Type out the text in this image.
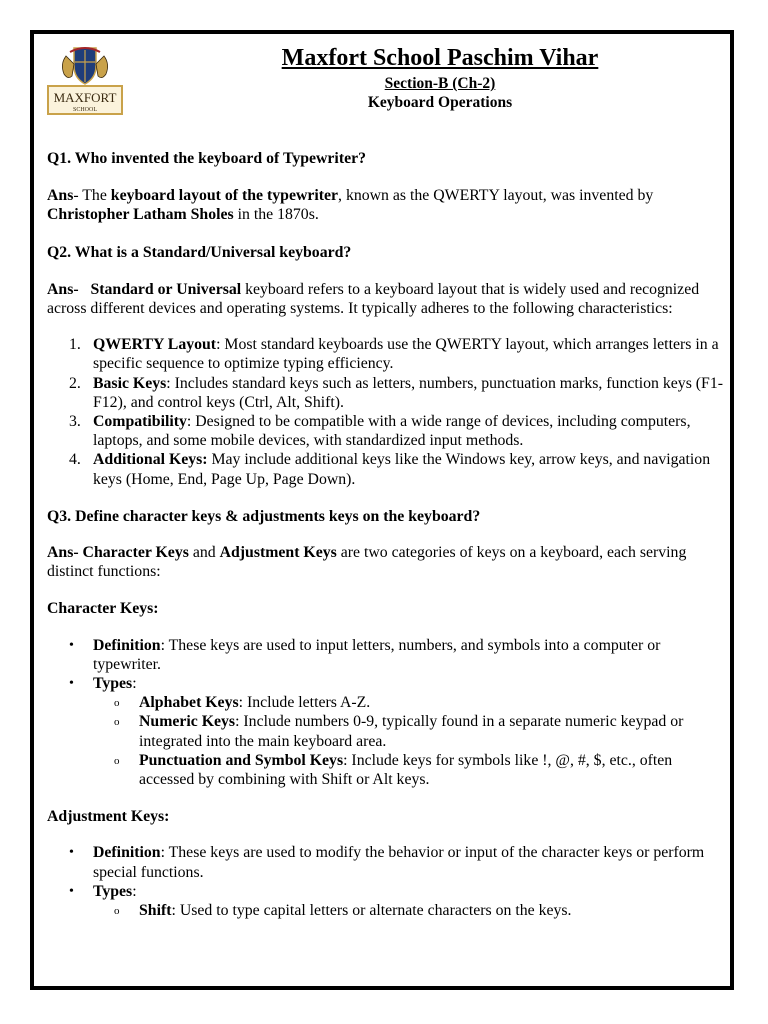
MAXFORT
SCHOOL
Maxfort School Paschim Vihar
Section-B (Ch-2)
Keyboard Operations

Q1. Who invented the keyboard of Typewriter?

Ans- The keyboard layout of the typewriter, known as the QWERTY layout, was invented by Christopher Latham Sholes in the 1870s.

Q2. What is a Standard/Universal keyboard?

Ans- Standard or Universal keyboard refers to a keyboard layout that is widely used and recognized across different devices and operating systems. It typically adheres to the following characteristics:

1. QWERTY Layout: Most standard keyboards use the QWERTY layout, which arranges letters in a specific sequence to optimize typing efficiency.
2. Basic Keys: Includes standard keys such as letters, numbers, punctuation marks, function keys (F1-F12), and control keys (Ctrl, Alt, Shift).
3. Compatibility: Designed to be compatible with a wide range of devices, including computers, laptops, and some mobile devices, with standardized input methods.
4. Additional Keys: May include additional keys like the Windows key, arrow keys, and navigation keys (Home, End, Page Up, Page Down).

Q3. Define character keys & adjustments keys on the keyboard?

Ans- Character Keys and Adjustment Keys are two categories of keys on a keyboard, each serving distinct functions:

Character Keys:

• Definition: These keys are used to input letters, numbers, and symbols into a computer or typewriter.
• Types:
o Alphabet Keys: Include letters A-Z.
o Numeric Keys: Include numbers 0-9, typically found in a separate numeric keypad or integrated into the main keyboard area.
o Punctuation and Symbol Keys: Include keys for symbols like !, @, #, $, etc., often accessed by combining with Shift or Alt keys.

Adjustment Keys:

• Definition: These keys are used to modify the behavior or input of the character keys or perform special functions.
• Types:
o Shift: Used to type capital letters or alternate characters on the keys.
